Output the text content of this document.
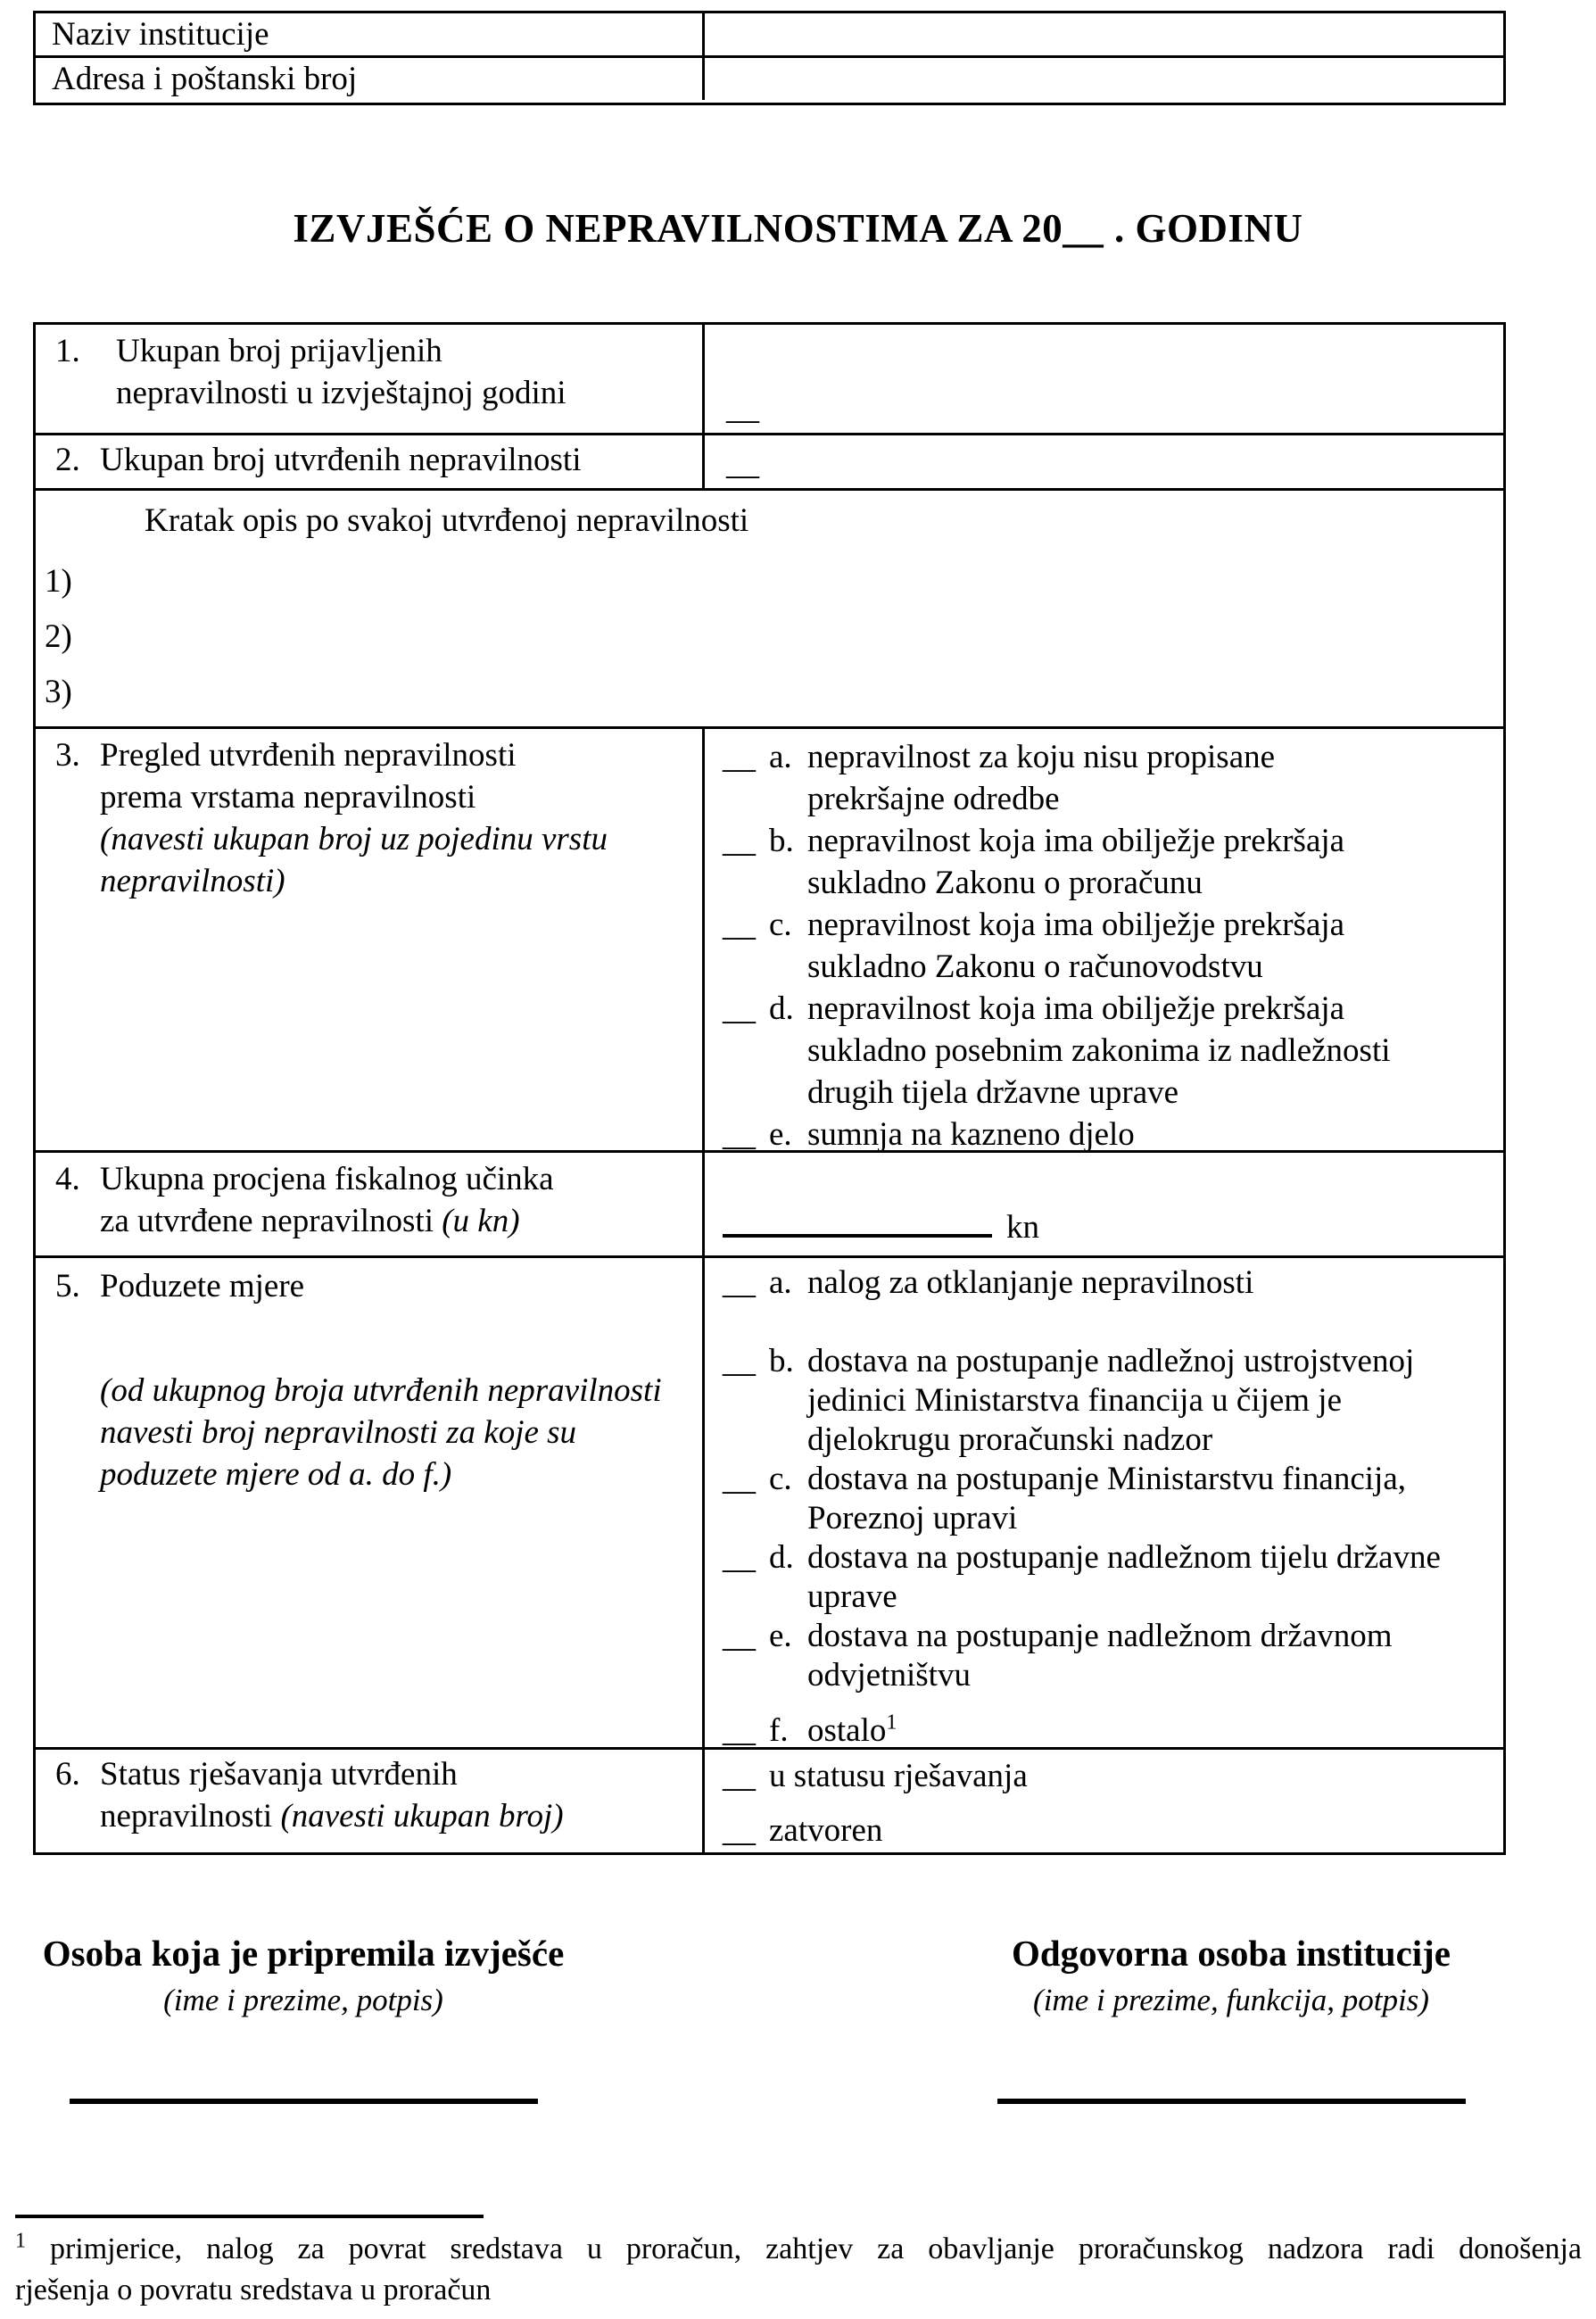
Naziv institucije
Adresa i poštanski broj
IZVJEŠĆE O NEPRAVILNOSTIMA ZA 20__ . GODINU
1.	Ukupan broj prijavljenih
nepravilnosti u izvještajnoj godini	__
2. Ukupan broj utvrđenih nepravilnosti	__
Kratak opis po svakoj utvrđenoj nepravilnosti
1)
2)
3)
3. Pregled utvrđenih nepravilnosti
prema vrstama nepravilnosti
(navesti ukupan broj uz pojedinu vrstu
nepravilnosti)
__ a. nepravilnost za koju nisu propisane
prekršajne odredbe
__ b. nepravilnost koja ima obilježje prekršaja
sukladno Zakonu o proračunu
__ c. nepravilnost koja ima obilježje prekršaja
sukladno Zakonu o računovodstvu
__ d. nepravilnost koja ima obilježje prekršaja
sukladno posebnim zakonima iz nadležnosti
drugih tijela državne uprave
__ e. sumnja na kazneno djelo
4. Ukupna procjena fiskalnog učinka
za utvrđene nepravilnosti (u kn)	kn
5. Poduzete mjere
(od ukupnog broja utvrđenih nepravilnosti
navesti broj nepravilnosti za koje su
poduzete mjere od a. do f.)
__ a. nalog za otklanjanje nepravilnosti
__ b. dostava na postupanje nadležnoj ustrojstvenoj
jedinici Ministarstva financija u čijem je
djelokrugu proračunski nadzor
__ c. dostava na postupanje Ministarstvu financija,
Poreznoj upravi
__ d. dostava na postupanje nadležnom tijelu državne
uprave
__ e. dostava na postupanje nadležnom državnom
odvjetništvu
__ f. ostalo$^1$
6. Status rješavanja utvrđenih
nepravilnosti (navesti ukupan broj)
__ u statusu rješavanja
__ zatvoren
Osoba koja je pripremila izvješće
(ime i prezime, potpis)
Odgovorna osoba institucije
(ime i prezime, funkcija, potpis)
$^1$ primjerice, nalog za povrat sredstava u proračun, zahtjev za obavljanje proračunskog nadzora radi donošenja
rješenja o povratu sredstava u proračun
